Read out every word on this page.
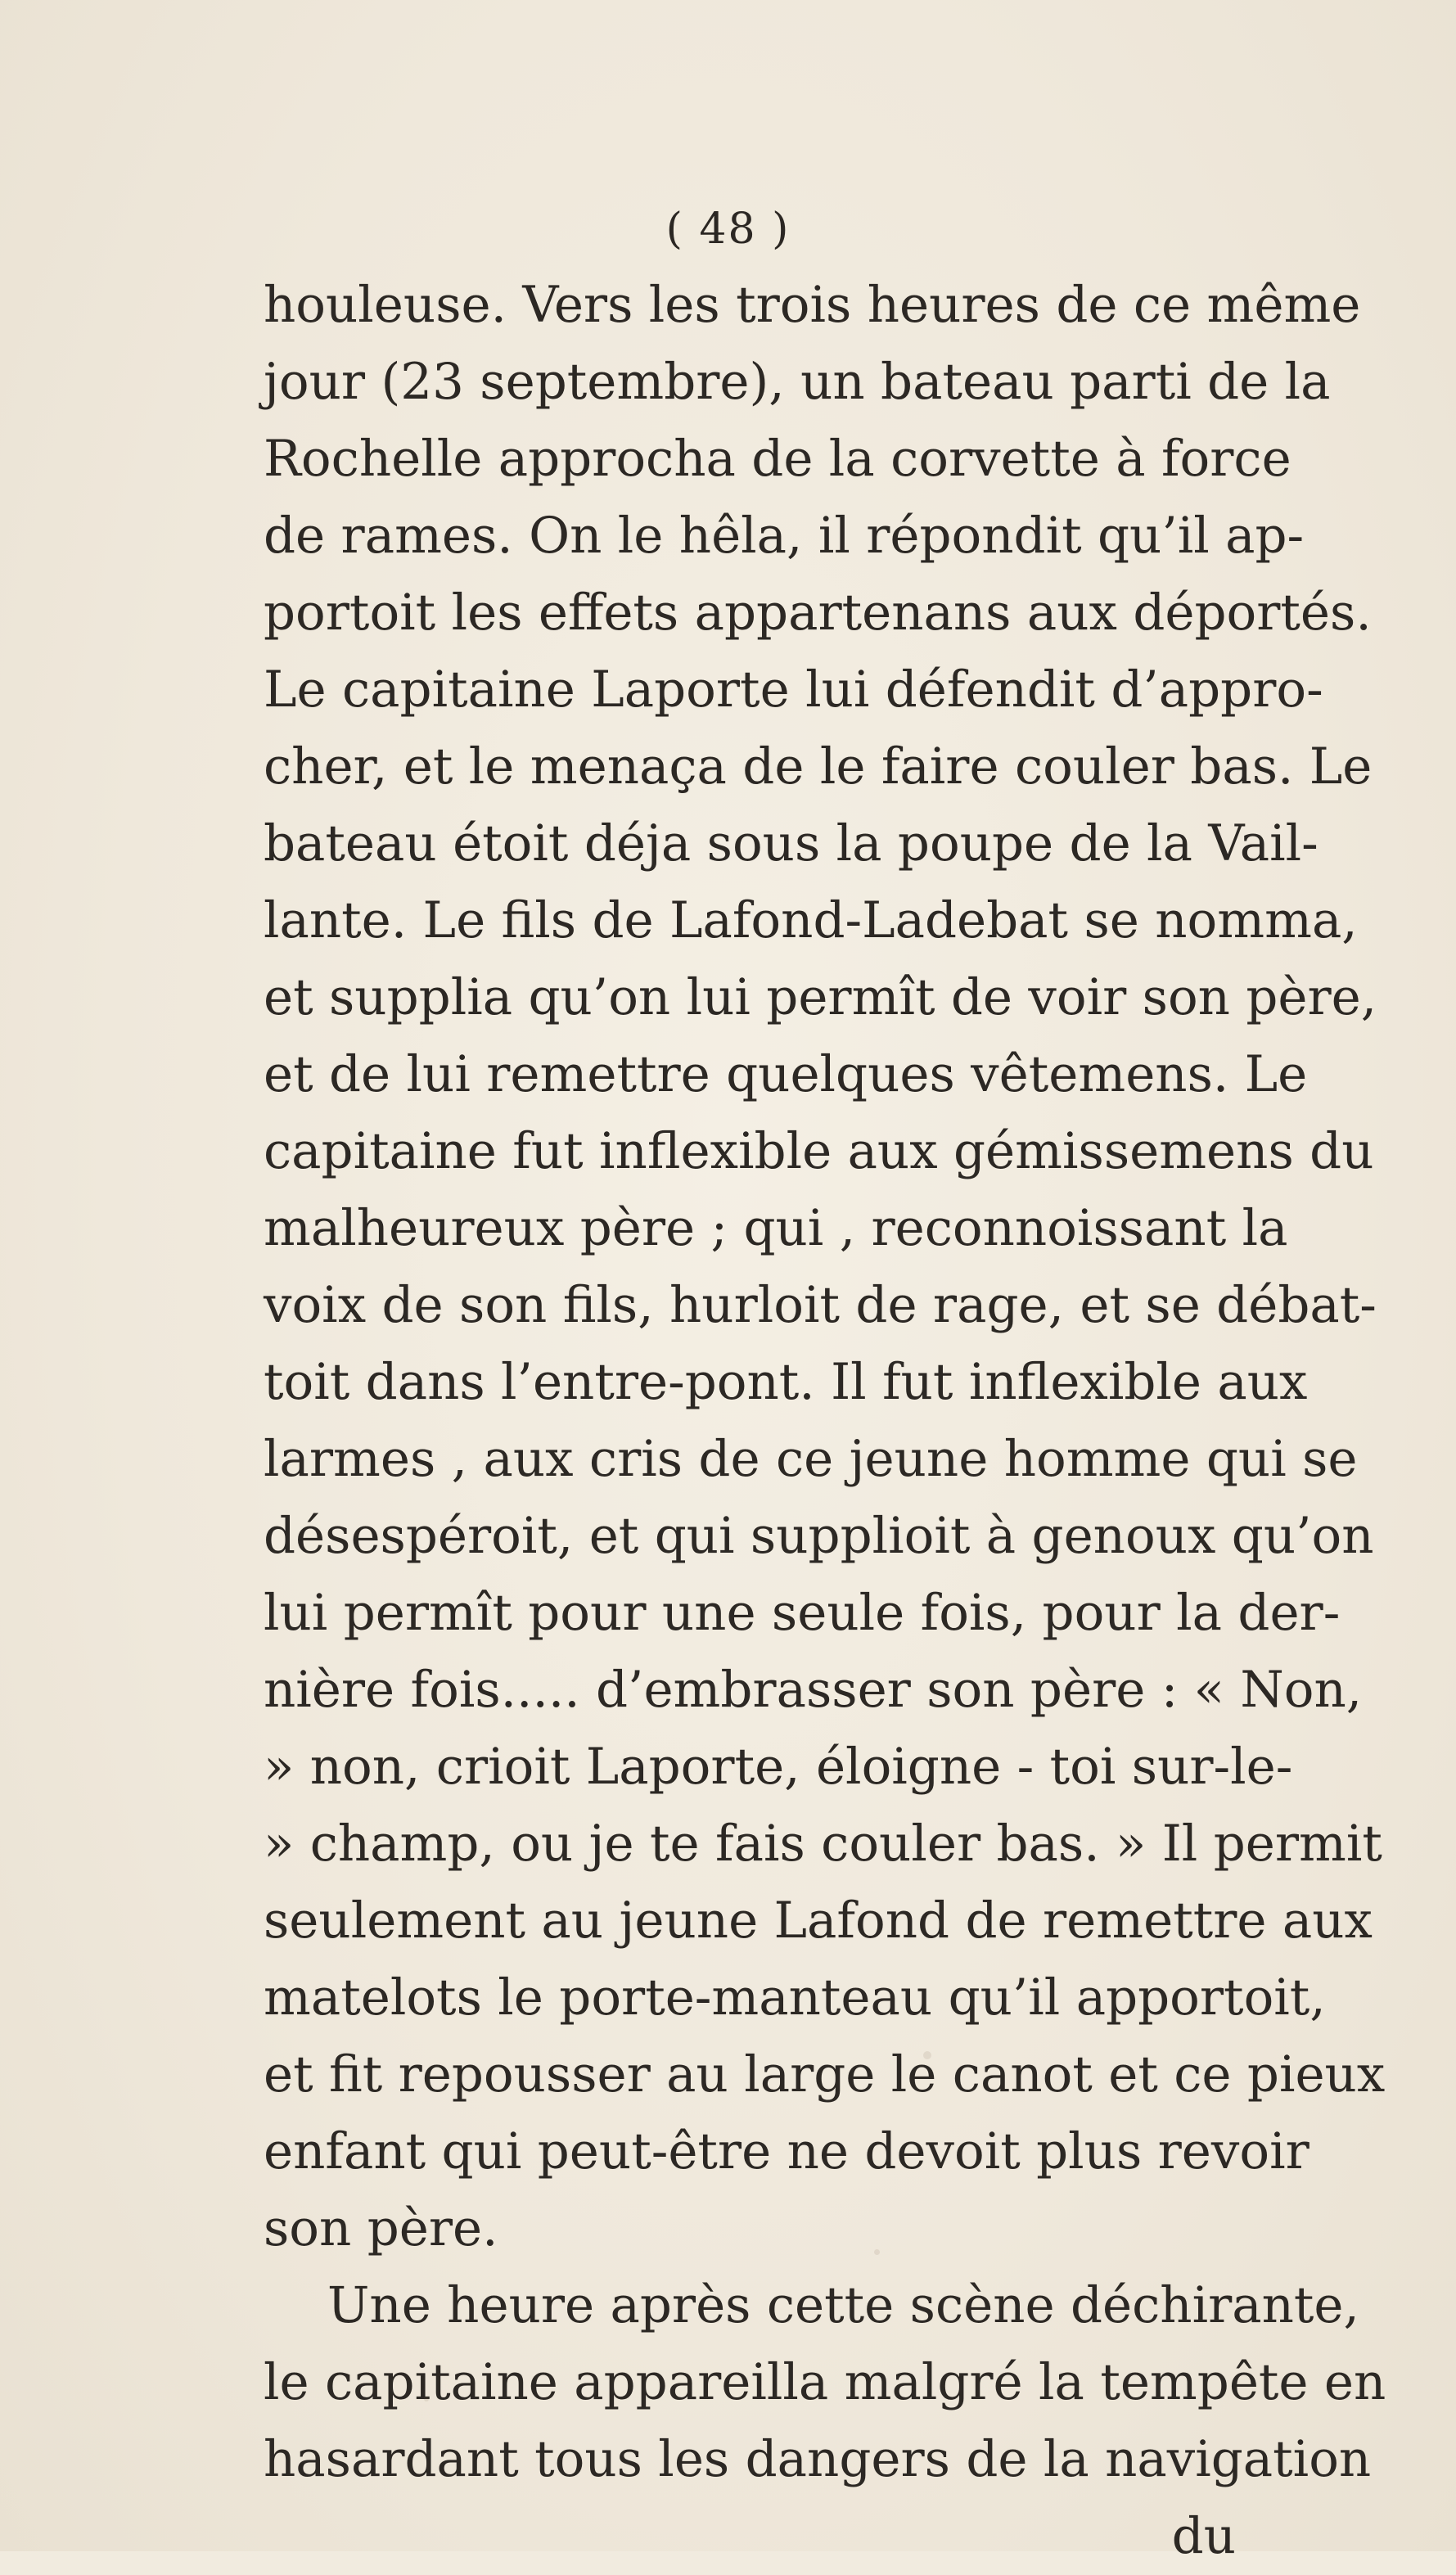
( 48 )
houleuse. Vers les trois heures de ce même
jour (23 septembre), un bateau parti de la
Rochelle approcha de la corvette à force
de rames. On le hêla, il répondit qu’il ap-
portoit les effets appartenans aux déportés.
Le capitaine Laporte lui défendit d’appro-
cher, et le menaça de le faire couler bas. Le
bateau étoit déja sous la poupe de la Vail-
lante. Le fils de Lafond-Ladebat se nomma,
et supplia qu’on lui permît de voir son père,
et de lui remettre quelques vêtemens. Le
capitaine fut inflexible aux gémissemens du
malheureux père ; qui , reconnoissant la
voix de son fils, hurloit de rage, et se débat-
toit dans l’entre-pont. Il fut inflexible aux
larmes , aux cris de ce jeune homme qui se
désespéroit, et qui supplioit à genoux qu’on
lui permît pour une seule fois, pour la der-
nière fois..... d’embrasser son père : « Non,
» non, crioit Laporte, éloigne - toi sur-le-
» champ, ou je te fais couler bas. » Il permit
seulement au jeune Lafond de remettre aux
matelots le porte-manteau qu’il apportoit,
et fit repousser au large le canot et ce pieux
enfant qui peut-être ne devoit plus revoir
son père.
Une heure après cette scène déchirante,
le capitaine appareilla malgré la tempête en
hasardant tous les dangers de la navigation
du
